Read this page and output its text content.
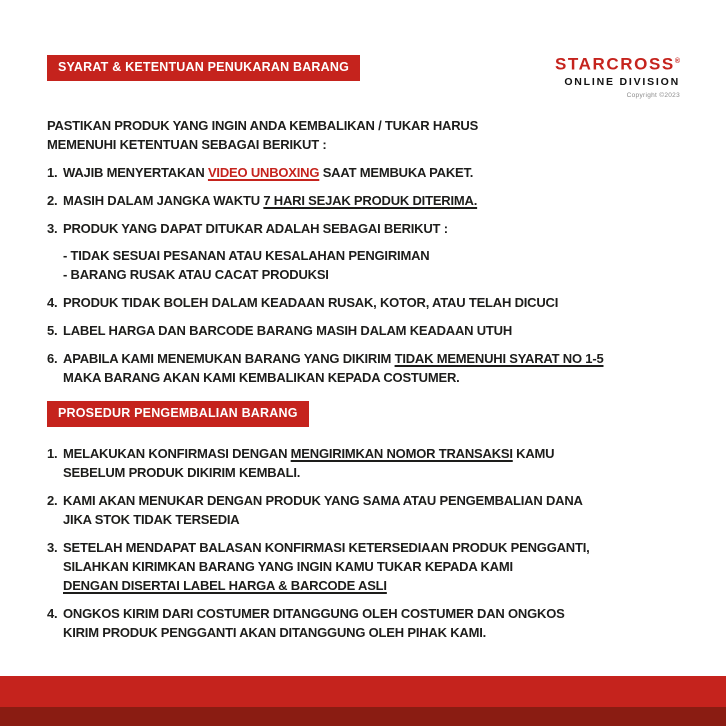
SYARAT & KETENTUAN PENUKARAN BARANG	STARCROSS®
ONLINE DIVISION
Copyright ©2023
PASTIKAN PRODUK YANG INGIN ANDA KEMBALIKAN / TUKAR HARUS
MEMENUHI KETENTUAN SEBAGAI BERIKUT :
1. WAJIB MENYERTAKAN VIDEO UNBOXING SAAT MEMBUKA PAKET.
2. MASIH DALAM JANGKA WAKTU 7 HARI SEJAK PRODUK DITERIMA.
3. PRODUK YANG DAPAT DITUKAR ADALAH SEBAGAI BERIKUT :
- TIDAK SESUAI PESANAN ATAU KESALAHAN PENGIRIMAN
- BARANG RUSAK ATAU CACAT PRODUKSI
4. PRODUK TIDAK BOLEH DALAM KEADAAN RUSAK, KOTOR, ATAU TELAH DICUCI
5. LABEL HARGA DAN BARCODE BARANG MASIH DALAM KEADAAN UTUH
6. APABILA KAMI MENEMUKAN BARANG YANG DIKIRIM TIDAK MEMENUHI SYARAT NO 1-5
MAKA BARANG AKAN KAMI KEMBALIKAN KEPADA COSTUMER.
PROSEDUR PENGEMBALIAN BARANG
1. MELAKUKAN KONFIRMASI DENGAN MENGIRIMKAN NOMOR TRANSAKSI KAMU
SEBELUM PRODUK DIKIRIM KEMBALI.
2. KAMI AKAN MENUKAR DENGAN PRODUK YANG SAMA ATAU PENGEMBALIAN DANA
JIKA STOK TIDAK TERSEDIA
3. SETELAH MENDAPAT BALASAN KONFIRMASI KETERSEDIAAN PRODUK PENGGANTI,
SILAHKAN KIRIMKAN BARANG YANG INGIN KAMU TUKAR KEPADA KAMI
DENGAN DISERTAI LABEL HARGA & BARCODE ASLI
4. ONGKOS KIRIM DARI COSTUMER DITANGGUNG OLEH COSTUMER DAN ONGKOS
KIRIM PRODUK PENGGANTI AKAN DITANGGUNG OLEH PIHAK KAMI.
